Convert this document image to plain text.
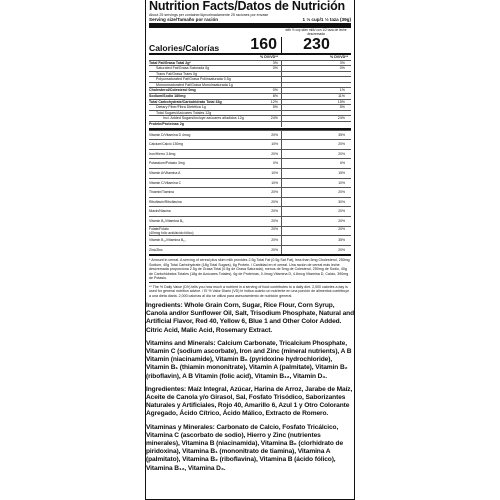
Nutrition Facts/Datos de Nutrición
About 25 servings per container/Aproximadamente 25 raciones por envase
Serving size/Tamaño por ración	1 ⅓ cup/1 ⅓ taza (39g)
with ½ cup skim milk/ con 1/2 taza de leche descremada
Calories/Calorías	160	230
% DV/VD**	% DV/VD**
Total Fat/Grasa Total 2g*	3%	3%
Saturated Fat/Grasa Saturada 0g	0%	0%
Trans Fat/Grasa Trans 0g
Polyunsaturated Fat/Grasa Poliinsaturada 0.5g
Monounsaturated Fat/Grasa Monoinsaturada 1g
Cholesterol/Colesterol 0mg	0%	1%
Sodium/Sodio 180mg	8%	11%
Total Carbohydrate/Carbohidrato Total 33g	12%	15%
Dietary Fiber/Fibra Dietética 1g	5%	5%
Total Sugars/Azúcares Totales 12g
Incl. Added Sugars/Incluye azúcares añadidos 12g	24%	24%
Protein/Proteínas 2g
Vitamin D/Vitamina D 4mcg	20%	35%
Calcium/Calcio 130mg	10%	20%
Iron/Hierro 3.6mg	20%	20%
Potassium/Potasio 3mg	0%	6%
Vitamin A/Vitamina A	10%	15%
Vitamin C/Vitamina C	10%	10%
Thiamin/Tiamina	20%	20%
Riboflavin/Riboflavina	20%	30%
Niacin/Niacina	20%	20%
Vitamin B₆/Vitamina B₆	20%	20%
Folate/Folato
(40mcg folic acid/ácido fólico)
20%	20%
Vitamin B₁₂/Vitamina B₁₂	20%	35%
Zinc/Zinc	20%	20%
* Amount in cereal. A serving of cereal plus skim milk provides 2.5g Total Fat (0.5g Sat Fat), less than 5mg Cholesterol, 250mg Sodium, 40g Total Carbohydrate (18g Total Sugars), 6g Protein. / Cantidad en el cereal. Una ración de cereal más leche descremada proporciona 2.5g de Grasa Total (0.5g de Grasa Saturada), menos de 5mg de Colesterol, 250mg de Sodio, 40g de Carbohidratos Totales (18g de Azúcares Totales), 6g de Proteínas, 0.4mcg Vitamina D, 4.6mcg Vitamina D, Calcio, 390mg de Potasio.
** The % Daily Value (DV) tells you how much a nutrient in a serving of food contributes to a daily diet. 2,000 calories a day is used for general nutrition advice. / El % Valor Diario (VD) le indica cuánto un nutriente en una porción de alimentos contribuye a una dieta diaria. 2,000 calorías al día se utiliza para asesoramiento de nutrición general.

Ingredients: Whole Grain Corn, Sugar, Rice Flour, Corn Syrup, Canola and/or Sunflower Oil, Salt, Trisodium Phosphate, Natural and Artificial Flavor, Red 40, Yellow 6, Blue 1 and Other Color Added. Citric Acid, Malic Acid, Rosemary Extract.

Vitamins and Minerals: Calcium Carbonate, Tricalcium Phosphate, Vitamin C (sodium ascorbate), Iron and Zinc (mineral nutrients), A B Vitamin (niacinamide), Vitamin B₆ (pyridoxine hydrochloride), Vitamin B₁ (thiamin mononitrate), Vitamin A (palmitate), Vitamin B₂ (riboflavin), A B Vitamin (folic acid), Vitamin B₁₂, Vitamin D₃.

Ingredientes: Maíz Integral, Azúcar, Harina de Arroz, Jarabe de Maíz, Aceite de Canola y/o Girasol, Sal, Fosfato Trisódico, Saborizantes Naturales y Artificiales, Rojo 40, Amarillo 6, Azul 1 y Otro Colorante Agregado, Ácido Cítrico, Ácido Málico, Extracto de Romero.

Vitaminas y Minerales: Carbonato de Calcio, Fosfato Tricálcico, Vitamina C (ascorbato de sodio), Hierro y Zinc (nutrientes minerales), Vitamina B (niacinamida), Vitamina B₆ (clorhidrato de piridoxina), Vitamina B₁ (mononitrato de tiamina), Vitamina A (palmitato), Vitamina B₂ (riboflavina), Vitamina B (ácido fólico), Vitamina B₁₂, Vitamina D₃.
